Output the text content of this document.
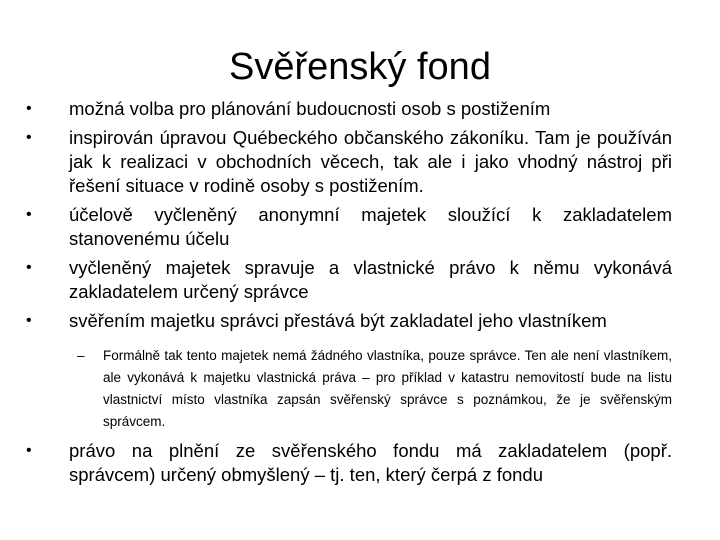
Svěřenský fond
• možná volba pro plánování budoucnosti osob s postižením
• inspirován úpravou Québeckého občanského zákoníku. Tam je používán jak k realizaci v obchodních věcech, tak ale i jako vhodný nástroj při řešení situace v rodině osoby s postižením.
• účelově vyčleněný anonymní majetek sloužící k zakladatelem stanovenému účelu
• vyčleněný majetek spravuje a vlastnické právo k němu vykonává zakladatelem určený správce
• svěřením majetku správci přestává být zakladatel jeho vlastníkem
– Formálně tak tento majetek nemá žádného vlastníka, pouze správce. Ten ale není vlastníkem, ale vykonává k majetku vlastnická práva – pro příklad v katastru nemovitostí bude na listu vlastnictví místo vlastníka zapsán svěřenský správce s poznámkou, že je svěřenským správcem.
• právo na plnění ze svěřenského fondu má zakladatelem (popř. správcem) určený obmyšlený – tj. ten, který čerpá z fondu
